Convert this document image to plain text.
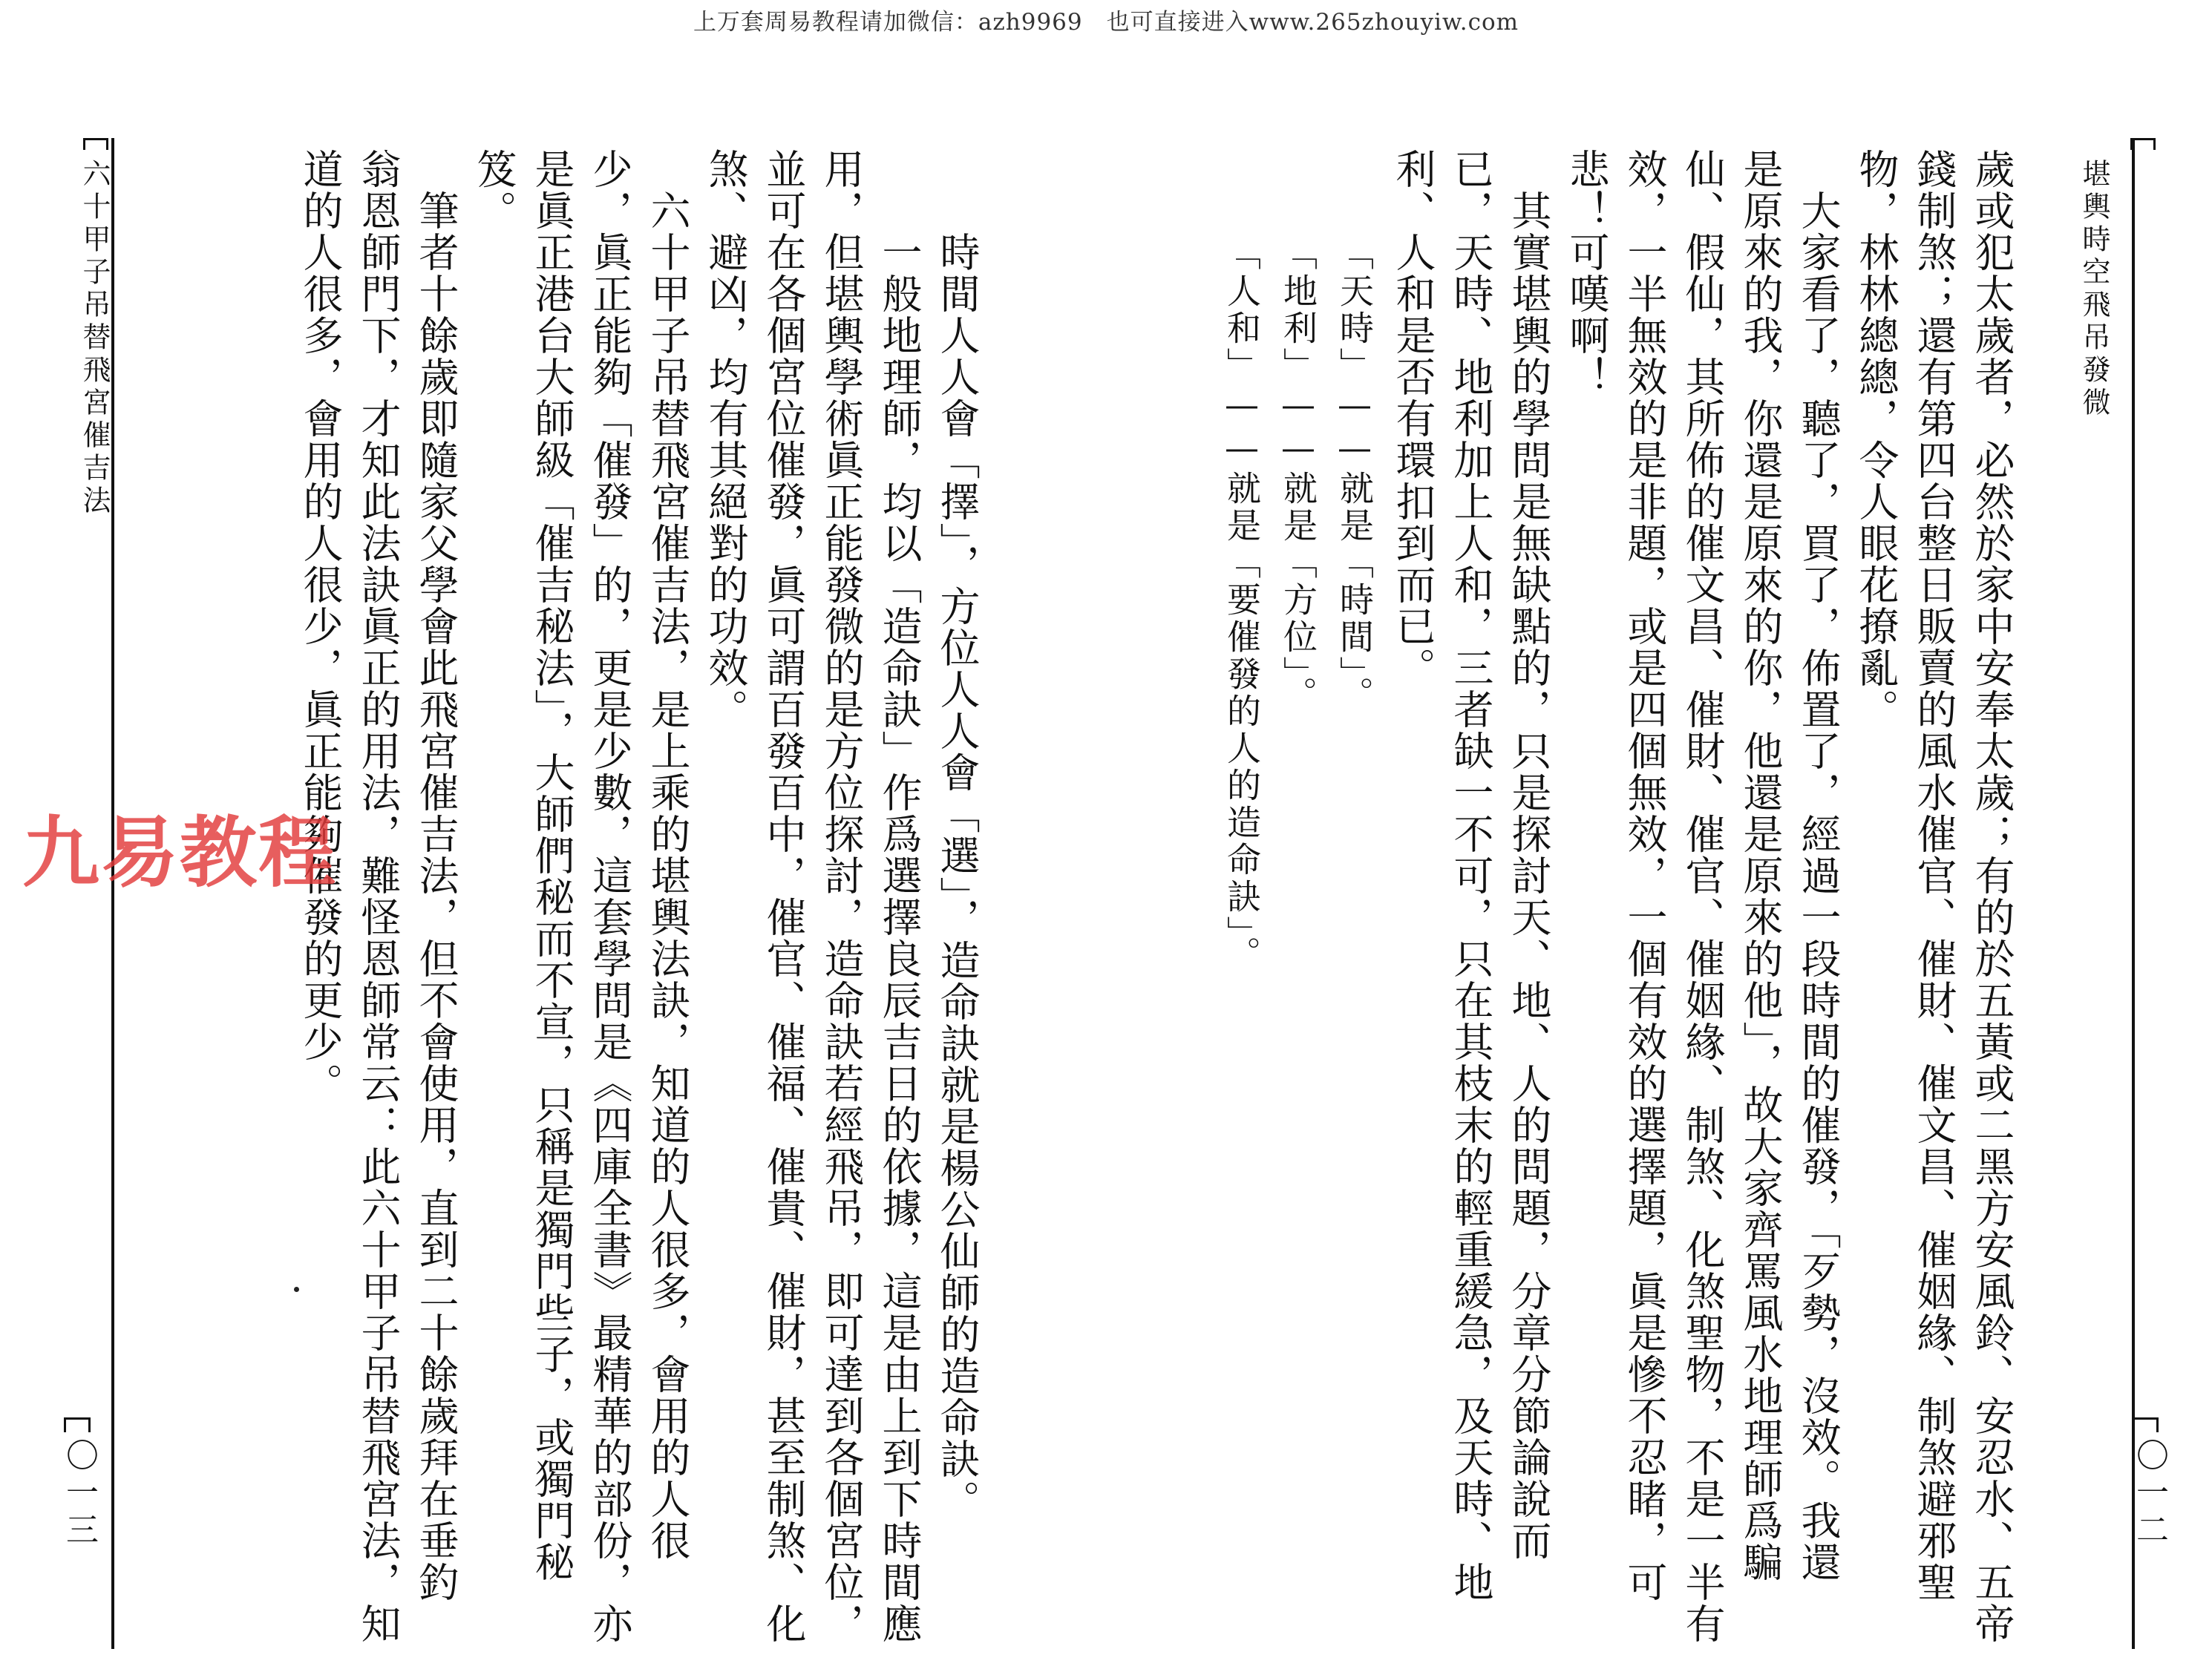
上万套周易教程请加微信：azh9969　也可直接进入www.265zhouyiw.com
堪輿時空飛吊發微
〇一二
歲或犯太歲者，必然於家中安奉太歲；有的於五黃或二黑方安風鈴、安忍水、五帝
錢制煞；還有第四台整日販賣的風水催官、催財、催文昌、催姻緣、制煞避邪聖
物，林林總總，令人眼花撩亂。
　大家看了，聽了，買了，佈置了，經過一段時間的催發，「歹勢，沒效。我還
是原來的我，你還是原來的你，他還是原來的他」，故大家齊罵風水地理師爲騙
仙、假仙，其所佈的催文昌、催財、催官、催姻緣、制煞、化煞聖物，不是一半有
效，一半無效的是非題，或是四個無效，一個有效的選擇題，眞是慘不忍睹，可
悲！可嘆啊！
　其實堪輿的學問是無缺點的，只是探討天、地、人的問題，分章分節論說而
已，天時、地利加上人和，三者缺一不可，只在其枝末的輕重緩急，及天時、地
利、人和是否有環扣到而已。
「天時」——就是「時間」。
「地利」——就是「方位」。
「人和」——就是「要催發的人的造命訣」。
六十甲子吊替飛宮催吉法
〇一三	時間人人會「擇」，方位人人會「選」，造命訣就是楊公仙師的造命訣。
一般地理師，均以「造命訣」作爲選擇良辰吉日的依據，這是由上到下時間應
用，但堪輿學術眞正能發微的是方位探討，造命訣若經飛吊，即可達到各個宮位，
並可在各個宮位催發，眞可謂百發百中，催官、催福、催貴、催財，甚至制煞、化
煞、避凶，均有其絕對的功效。
　六十甲子吊替飛宮催吉法，是上乘的堪輿法訣，知道的人很多，會用的人很
少，眞正能夠「催發」的，更是少數，這套學問是《四庫全書》最精華的部份，亦
是眞正港台大師級「催吉秘法」，大師們秘而不宣，只稱是獨門些子，或獨門秘
笈。
　筆者十餘歲即隨家父學會此飛宮催吉法，但不會使用，直到二十餘歲拜在垂釣
翁恩師門下，才知此法訣眞正的用法，難怪恩師常云：此六十甲子吊替飛宮法，知
道的人很多，會用的人很少，眞正能夠催發的更少。
九易教程
